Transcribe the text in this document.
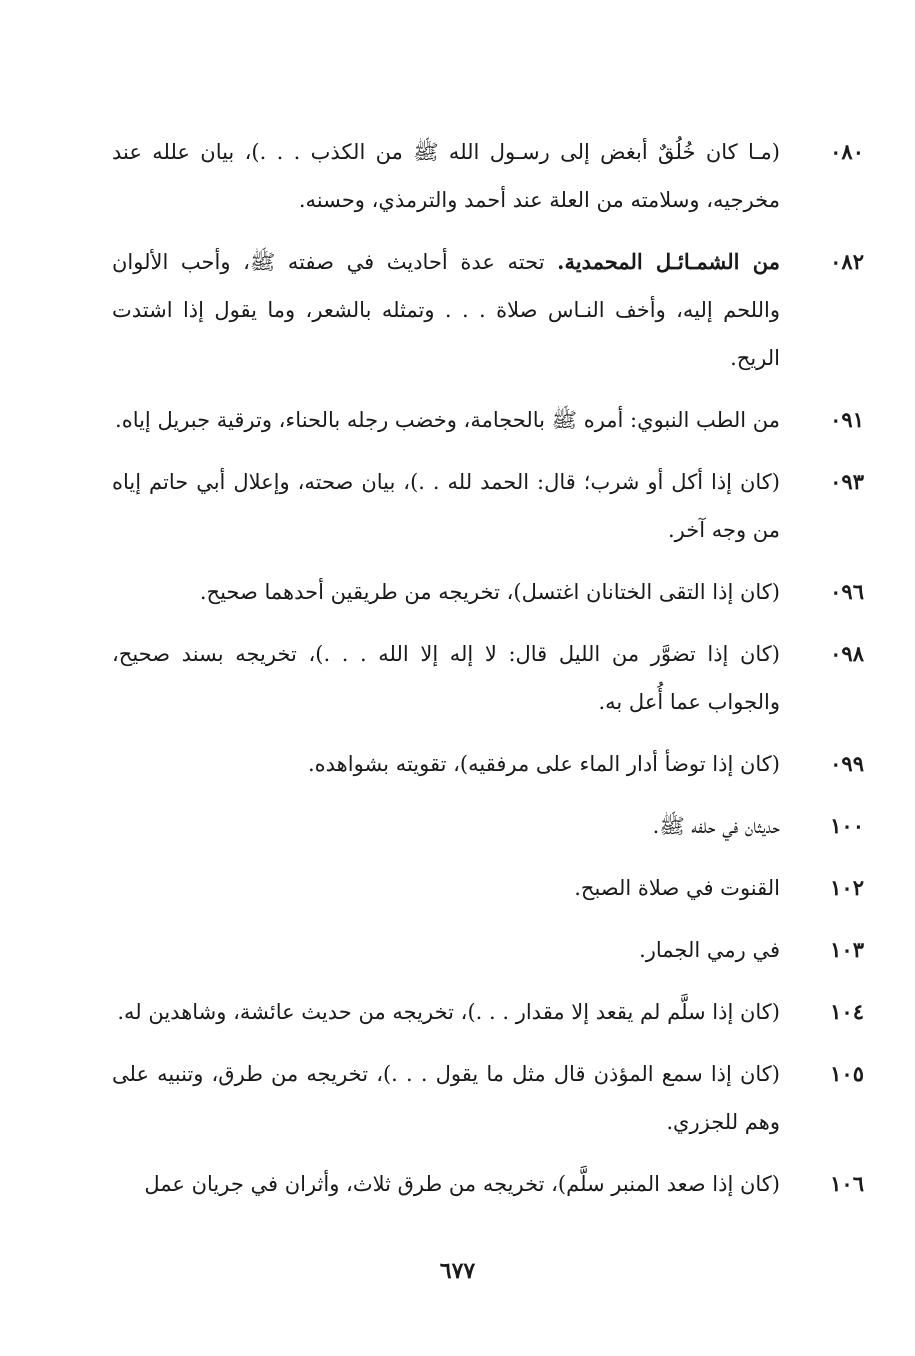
٠٨٠
(مـا كان خُلُقٌ أبغض إلى رسـول الله ﷺ من الكذب . . .)، بيان علله عند مخرجيه، وسلامته من العلة عند أحمد والترمذي، وحسنه.
٠٨٢
من الشمـائـل المحمدية. تحته عدة أحاديث في صفته ﷺ، وأحب الألوان واللحم إليه، وأخف النـاس صلاة . . . وتمثله بالشعر، وما يقول إذا اشتدت الريح.
٠٩١
من الطب النبوي: أمره ﷺ بالحجامة، وخضب رجله بالحناء، وترقية جبريل إياه.
٠٩٣
(كان إذا أكل أو شرب؛ قال: الحمد لله . .)، بيان صحته، وإعلال أبي حاتم إياه من وجه آخر.
٠٩٦
(كان إذا التقى الختانان اغتسل)، تخريجه من طريقين أحدهما صحيح.
٠٩٨
(كان إذا تضوَّر من الليل قال: لا إله إلا الله . . .)، تخريجه بسند صحيح، والجواب عما أُعل به.
٠٩٩
(كان إذا توضأ أدار الماء على مرفقيه)، تقويته بشواهده.
١٠٠
حديثان في حلفه ﷺ.
١٠٢
القنوت في صلاة الصبح.
١٠٣
في رمي الجمار.
١٠٤
(كان إذا سلَّم لم يقعد إلا مقدار . . .)، تخريجه من حديث عائشة، وشاهدين له.
١٠٥
(كان إذا سمع المؤذن قال مثل ما يقول . . .)، تخريجه من طرق، وتنبيه على وهم للجزري.
١٠٦
(كان إذا صعد المنبر سلَّم)، تخريجه من طرق ثلاث، وأثران في جريان عمل
٦٧٧
